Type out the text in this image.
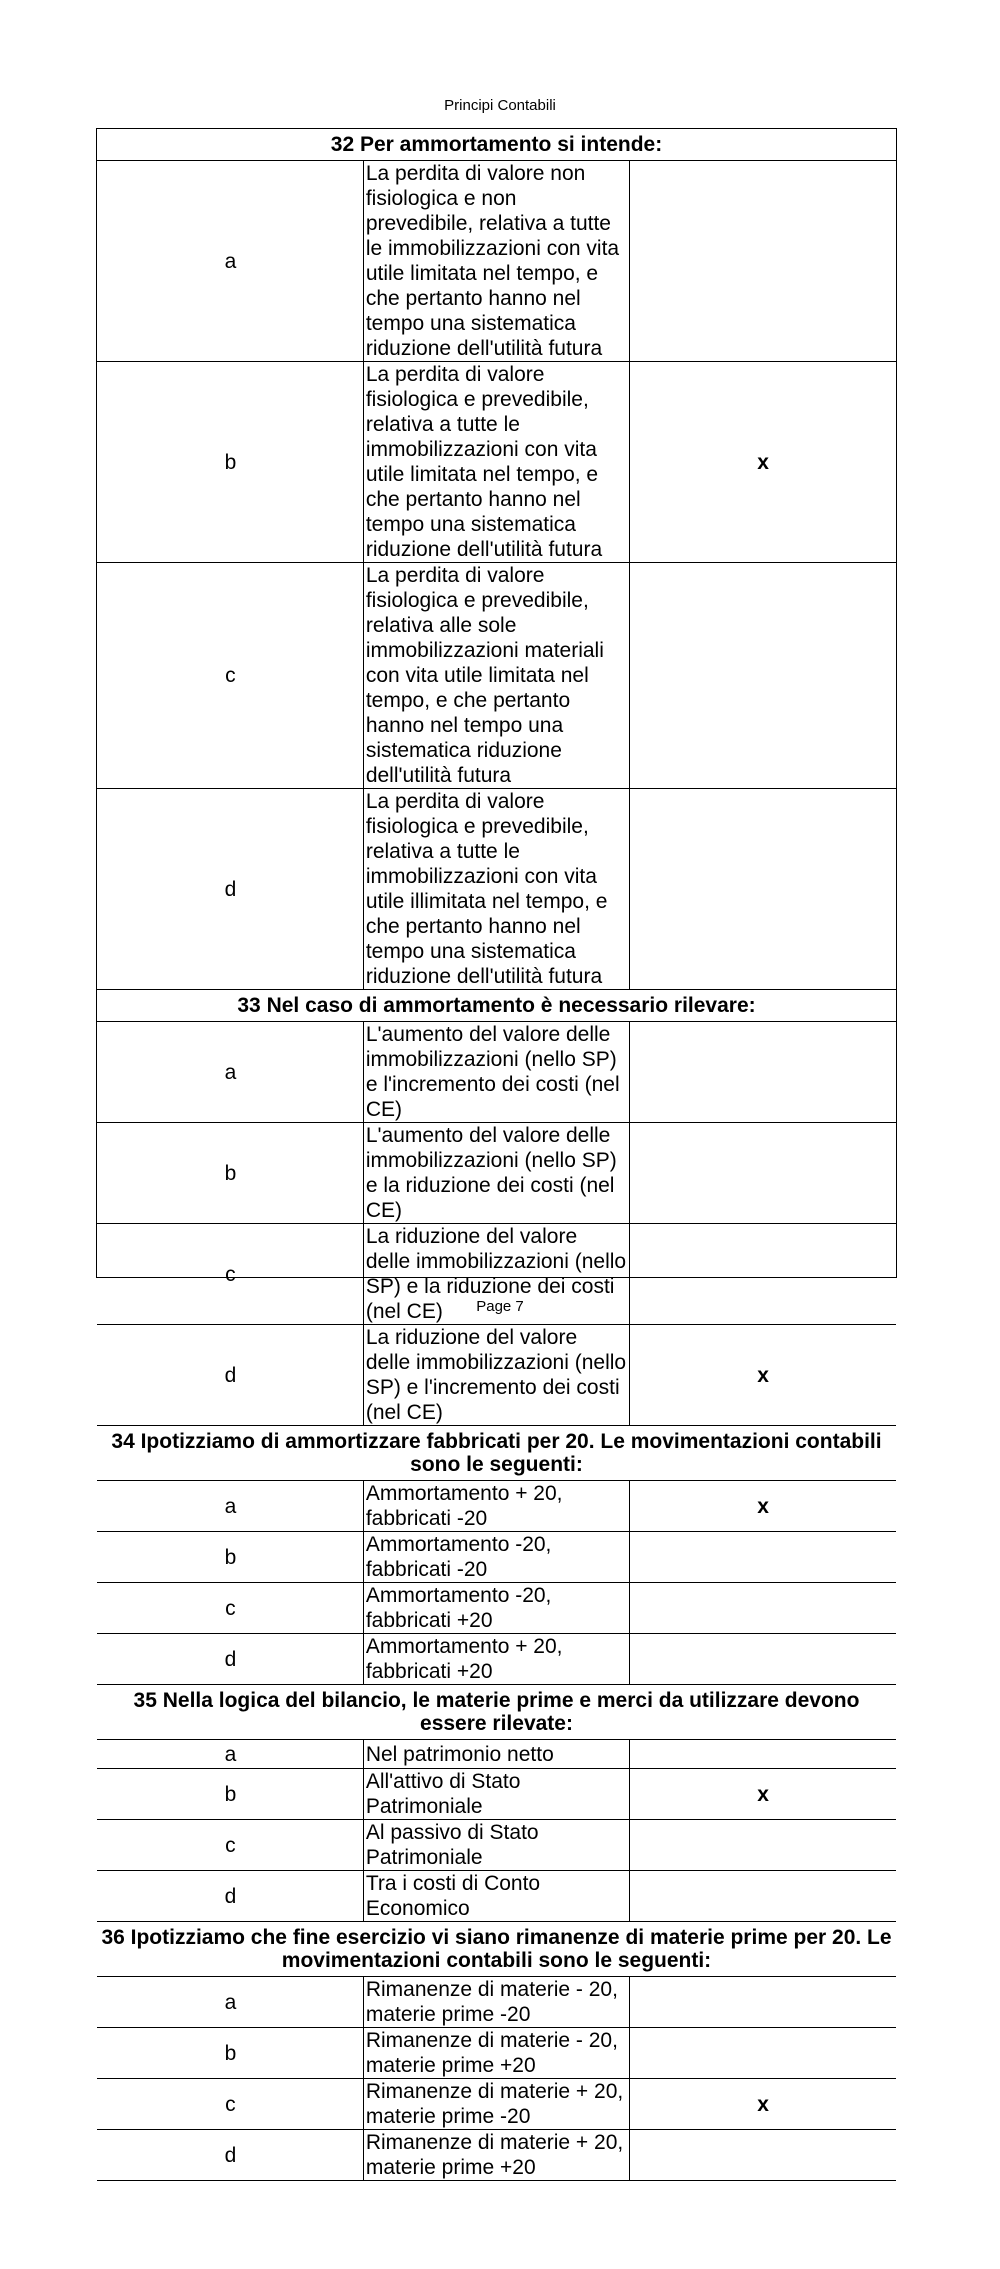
Principi Contabili
32 Per ammortamento si intende:		
a	La perdita di valore non fisiologica e non prevedibile, relativa a tutte le immobilizzazioni con vita utile limitata nel tempo, e che pertanto hanno nel tempo una sistematica riduzione dell'utilità futura	
b	La perdita di valore fisiologica e prevedibile, relativa a tutte le immobilizzazioni con vita utile limitata nel tempo, e che pertanto hanno nel tempo una sistematica riduzione dell'utilità futura	x
c	La perdita di valore fisiologica e prevedibile, relativa alle sole immobilizzazioni materiali con vita utile limitata nel tempo, e che pertanto hanno nel tempo una sistematica riduzione dell'utilità futura	
d	La perdita di valore fisiologica e prevedibile, relativa a tutte le immobilizzazioni con vita utile illimitata nel tempo, e che pertanto hanno nel tempo una sistematica riduzione dell'utilità futura	
33 Nel caso di ammortamento è necessario rilevare:		
a	L'aumento del valore delle immobilizzazioni (nello SP) e l'incremento dei costi (nel CE)	
b	L'aumento del valore delle immobilizzazioni (nello SP) e la riduzione dei costi (nel CE)	
c	La riduzione del valore delle immobilizzazioni (nello SP) e la riduzione dei costi (nel CE)	
d	La riduzione del valore delle immobilizzazioni (nello SP) e l'incremento dei costi (nel CE)	x
34 Ipotizziamo di ammortizzare fabbricati per 20. Le movimentazioni contabili sono le seguenti:		
a	Ammortamento + 20, fabbricati -20	x
b	Ammortamento -20, fabbricati -20	
c	Ammortamento -20, fabbricati +20	
d	Ammortamento + 20, fabbricati +20	
35 Nella logica del bilancio, le materie prime e merci da utilizzare devono essere rilevate:		
a	Nel patrimonio netto	
b	All'attivo di Stato Patrimoniale	x
c	Al passivo di Stato Patrimoniale	
d	Tra i costi di Conto Economico	
36 Ipotizziamo che fine esercizio vi siano rimanenze di materie prime per 20. Le movimentazioni contabili sono le seguenti:		
a	Rimanenze di materie - 20, materie prime -20	
b	Rimanenze di materie - 20, materie prime +20	
c	Rimanenze di materie + 20, materie prime -20	x
d	Rimanenze di materie + 20, materie prime +20	

Page 7
